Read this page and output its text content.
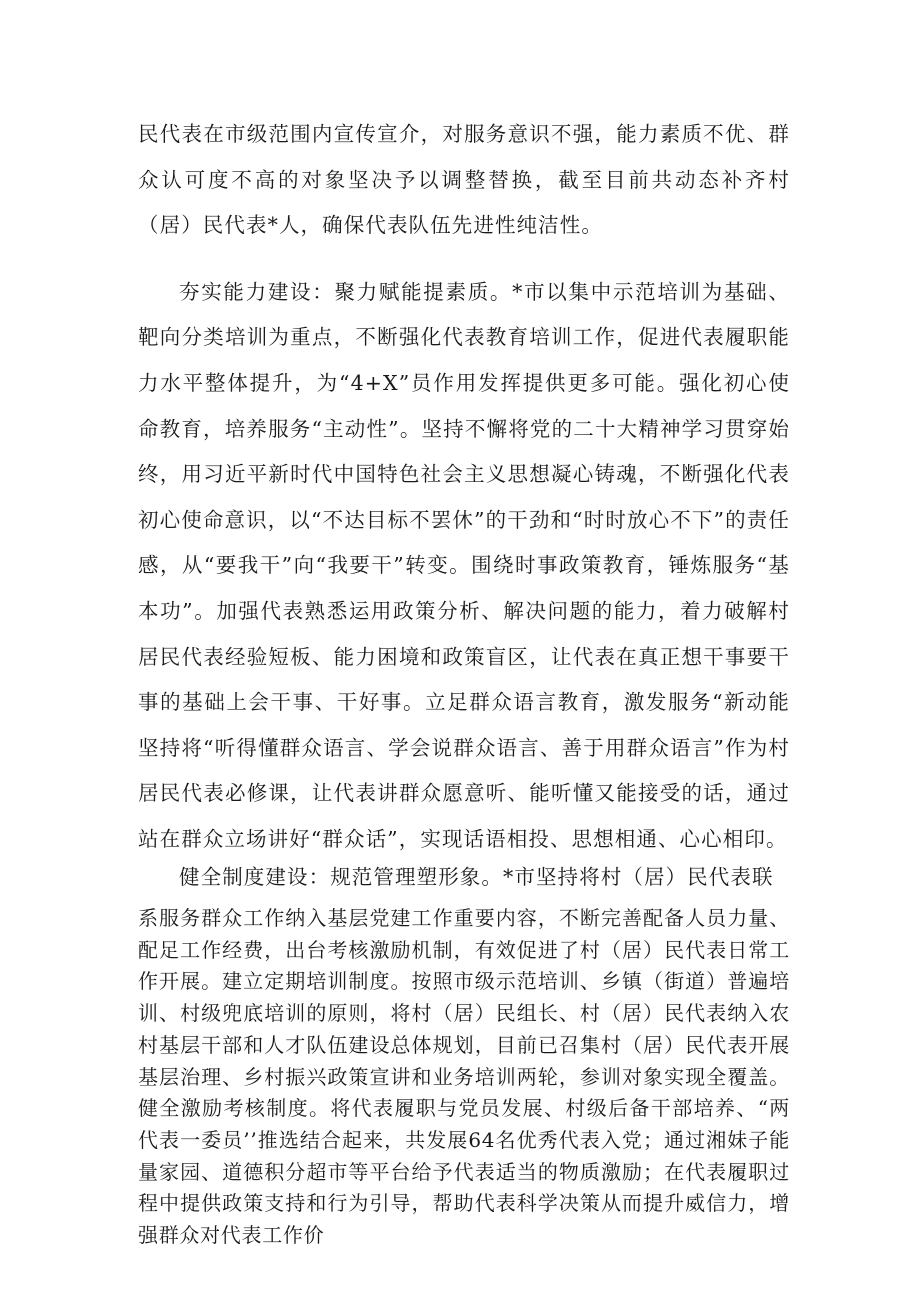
民代表在市级范围内宣传宣介，对服务意识不强，能力素质不优、群众认可度不高的对象坚决予以调整替换，截至目前共动态补齐村（居）民代表*人，确保代表队伍先进性纯洁性。

夯实能力建设：聚力赋能提素质。*市以集中示范培训为基础、靶向分类培训为重点，不断强化代表教育培训工作，促进代表履职能力水平整体提升，为“4+X”员作用发挥提供更多可能。强化初心使命教育，培养服务“主动性”。坚持不懈将党的二十大精神学习贯穿始终，用习近平新时代中国特色社会主义思想凝心铸魂，不断强化代表初心使命意识，以“不达目标不罢休”的干劲和“时时放心不下”的责任感，从“要我干”向“我要干”转变。围绕时事政策教育，锤炼服务“基本功”。加强代表熟悉运用政策分析、解决问题的能力，着力破解村居民代表经验短板、能力困境和政策盲区，让代表在真正想干事要干事的基础上会干事、干好事。立足群众语言教育，激发服务“新动能坚持将“听得懂群众语言、学会说群众语言、善于用群众语言”作为村居民代表必修课，让代表讲群众愿意听、能听懂又能接受的话，通过站在群众立场讲好“群众话”，实现话语相投、思想相通、心心相印。

健全制度建设：规范管理塑形象。*市坚持将村（居）民代表联

系服务群众工作纳入基层党建工作重要内容，不断完善配备人员力量、配足工作经费，出台考核激励机制，有效促进了村（居）民代表日常工作开展。建立定期培训制度。按照市级示范培训、乡镇（街道）普遍培训、村级兜底培训的原则，将村（居）民组长、村（居）民代表纳入农村基层干部和人才队伍建设总体规划，目前已召集村（居）民代表开展基层治理、乡村振兴政策宣讲和业务培训两轮，参训对象实现全覆盖。健全激励考核制度。将代表履职与党员发展、村级后备干部培养、“两代表一委员’’推选结合起来，共发展64名优秀代表入党；通过湘妹子能量家园、道德积分超市等平台给予代表适当的物质激励；在代表履职过程中提供政策支持和行为引导，帮助代表科学决策从而提升威信力，增强群众对代表工作价
